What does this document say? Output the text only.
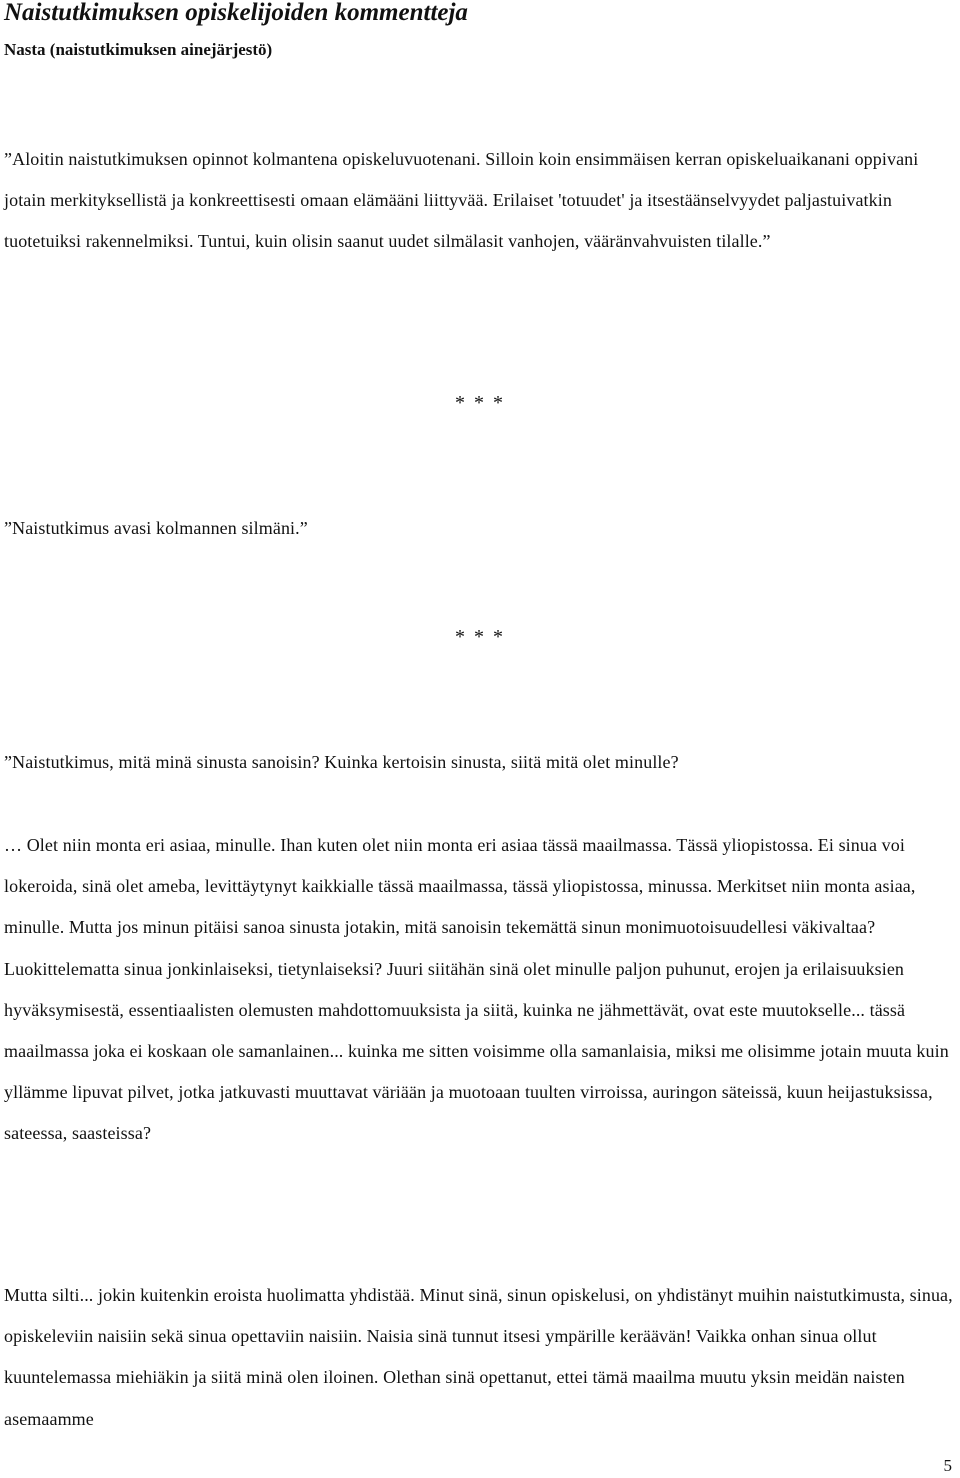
Naistutkimuksen opiskelijoiden kommentteja
Nasta (naistutkimuksen ainejärjestö)

”Aloitin naistutkimuksen opinnot kolmantena opiskeluvuotenani. Silloin koin ensimmäisen kerran opiskeluaikanani oppivani jotain merkityksellistä ja konkreettisesti omaan elämääni liittyvää. Erilaiset 'totuudet' ja itsestäänselvyydet paljastuivatkin tuotetuiksi rakennelmiksi. Tuntui, kuin olisin saanut uudet silmälasit vanhojen, vääränvahvuisten tilalle.”

* * *

”Naistutkimus avasi kolmannen silmäni.”

* * *

”Naistutkimus, mitä minä sinusta sanoisin? Kuinka kertoisin sinusta, siitä mitä olet minulle?

… Olet niin monta eri asiaa, minulle. Ihan kuten olet niin monta eri asiaa tässä maailmassa. Tässä yliopistossa. Ei sinua voi lokeroida, sinä olet ameba, levittäytynyt kaikkialle tässä maailmassa, tässä yliopistossa, minussa. Merkitset niin monta asiaa, minulle. Mutta jos minun pitäisi sanoa sinusta jotakin, mitä sanoisin tekemättä sinun monimuotoisuudellesi väkivaltaa? Luokittelematta sinua jonkinlaiseksi, tietynlaiseksi? Juuri siitähän sinä olet minulle paljon puhunut, erojen ja erilaisuuksien hyväksymisestä, essentiaalisten olemusten mahdottomuuksista ja siitä, kuinka ne jähmettävät, ovat este muutokselle... tässä maailmassa joka ei koskaan ole samanlainen... kuinka me sitten voisimme olla samanlaisia, miksi me olisimme jotain muuta kuin yllämme lipuvat pilvet, jotka jatkuvasti muuttavat väriään ja muotoaan tuulten virroissa, auringon säteissä, kuun heijastuksissa, sateessa, saasteissa?

Mutta silti... jokin kuitenkin eroista huolimatta yhdistää. Minut sinä, sinun opiskelusi, on yhdistänyt muihin naistutkimusta, sinua, opiskeleviin naisiin sekä sinua opettaviin naisiin. Naisia sinä tunnut itsesi ympärille keräävän! Vaikka onhan sinua ollut kuuntelemassa miehiäkin ja siitä minä olen iloinen. Olethan sinä opettanut, ettei tämä maailma muutu yksin meidän naisten asemaamme

5
